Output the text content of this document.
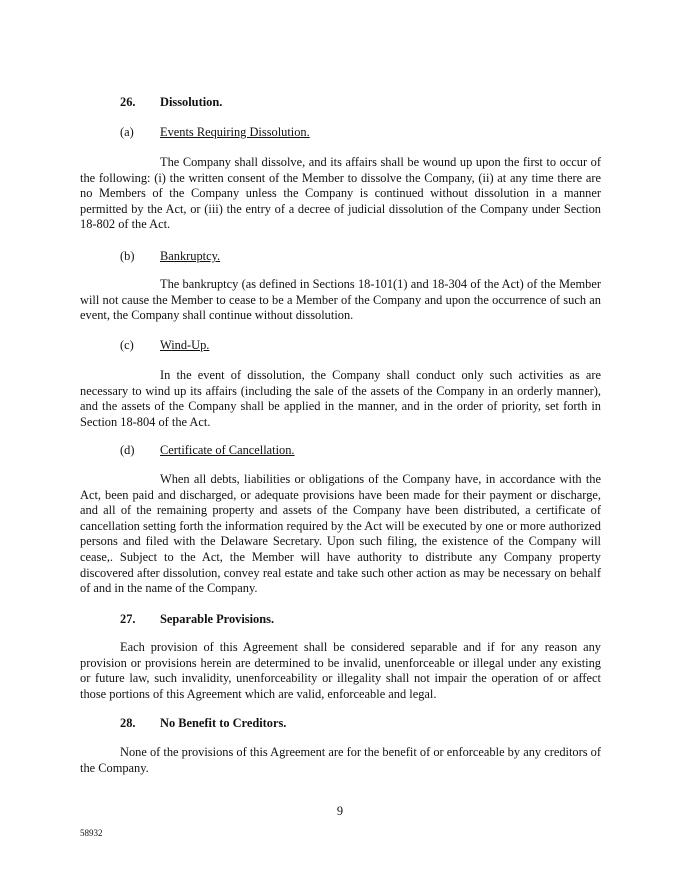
26. Dissolution.
(a) Events Requiring Dissolution.

The Company shall dissolve, and its affairs shall be wound up upon the first to occur of the following: (i) the written consent of the Member to dissolve the Company, (ii) at any time there are no Members of the Company unless the Company is continued without dissolution in a manner permitted by the Act, or (iii) the entry of a decree of judicial dissolution of the Company under Section 18-802 of the Act.

(b) Bankruptcy.

The bankruptcy (as defined in Sections 18-101(1) and 18-304 of the Act) of the Member will not cause the Member to cease to be a Member of the Company and upon the occurrence of such an event, the Company shall continue without dissolution.

(c) Wind-Up.

In the event of dissolution, the Company shall conduct only such activities as are necessary to wind up its affairs (including the sale of the assets of the Company in an orderly manner), and the assets of the Company shall be applied in the manner, and in the order of priority, set forth in Section 18-804 of the Act.

(d) Certificate of Cancellation.

When all debts, liabilities or obligations of the Company have, in accordance with the Act, been paid and discharged, or adequate provisions have been made for their payment or discharge, and all of the remaining property and assets of the Company have been distributed, a certificate of cancellation setting forth the information required by the Act will be executed by one or more authorized persons and filed with the Delaware Secretary. Upon such filing, the existence of the Company will cease,. Subject to the Act, the Member will have authority to distribute any Company property discovered after dissolution, convey real estate and take such other action as may be necessary on behalf of and in the name of the Company.

27. Separable Provisions.

Each provision of this Agreement shall be considered separable and if for any reason any provision or provisions herein are determined to be invalid, unenforceable or illegal under any existing or future law, such invalidity, unenforceability or illegality shall not impair the operation of or affect those portions of this Agreement which are valid, enforceable and legal.

28. No Benefit to Creditors.

None of the provisions of this Agreement are for the benefit of or enforceable by any creditors of the Company.

9
58932
